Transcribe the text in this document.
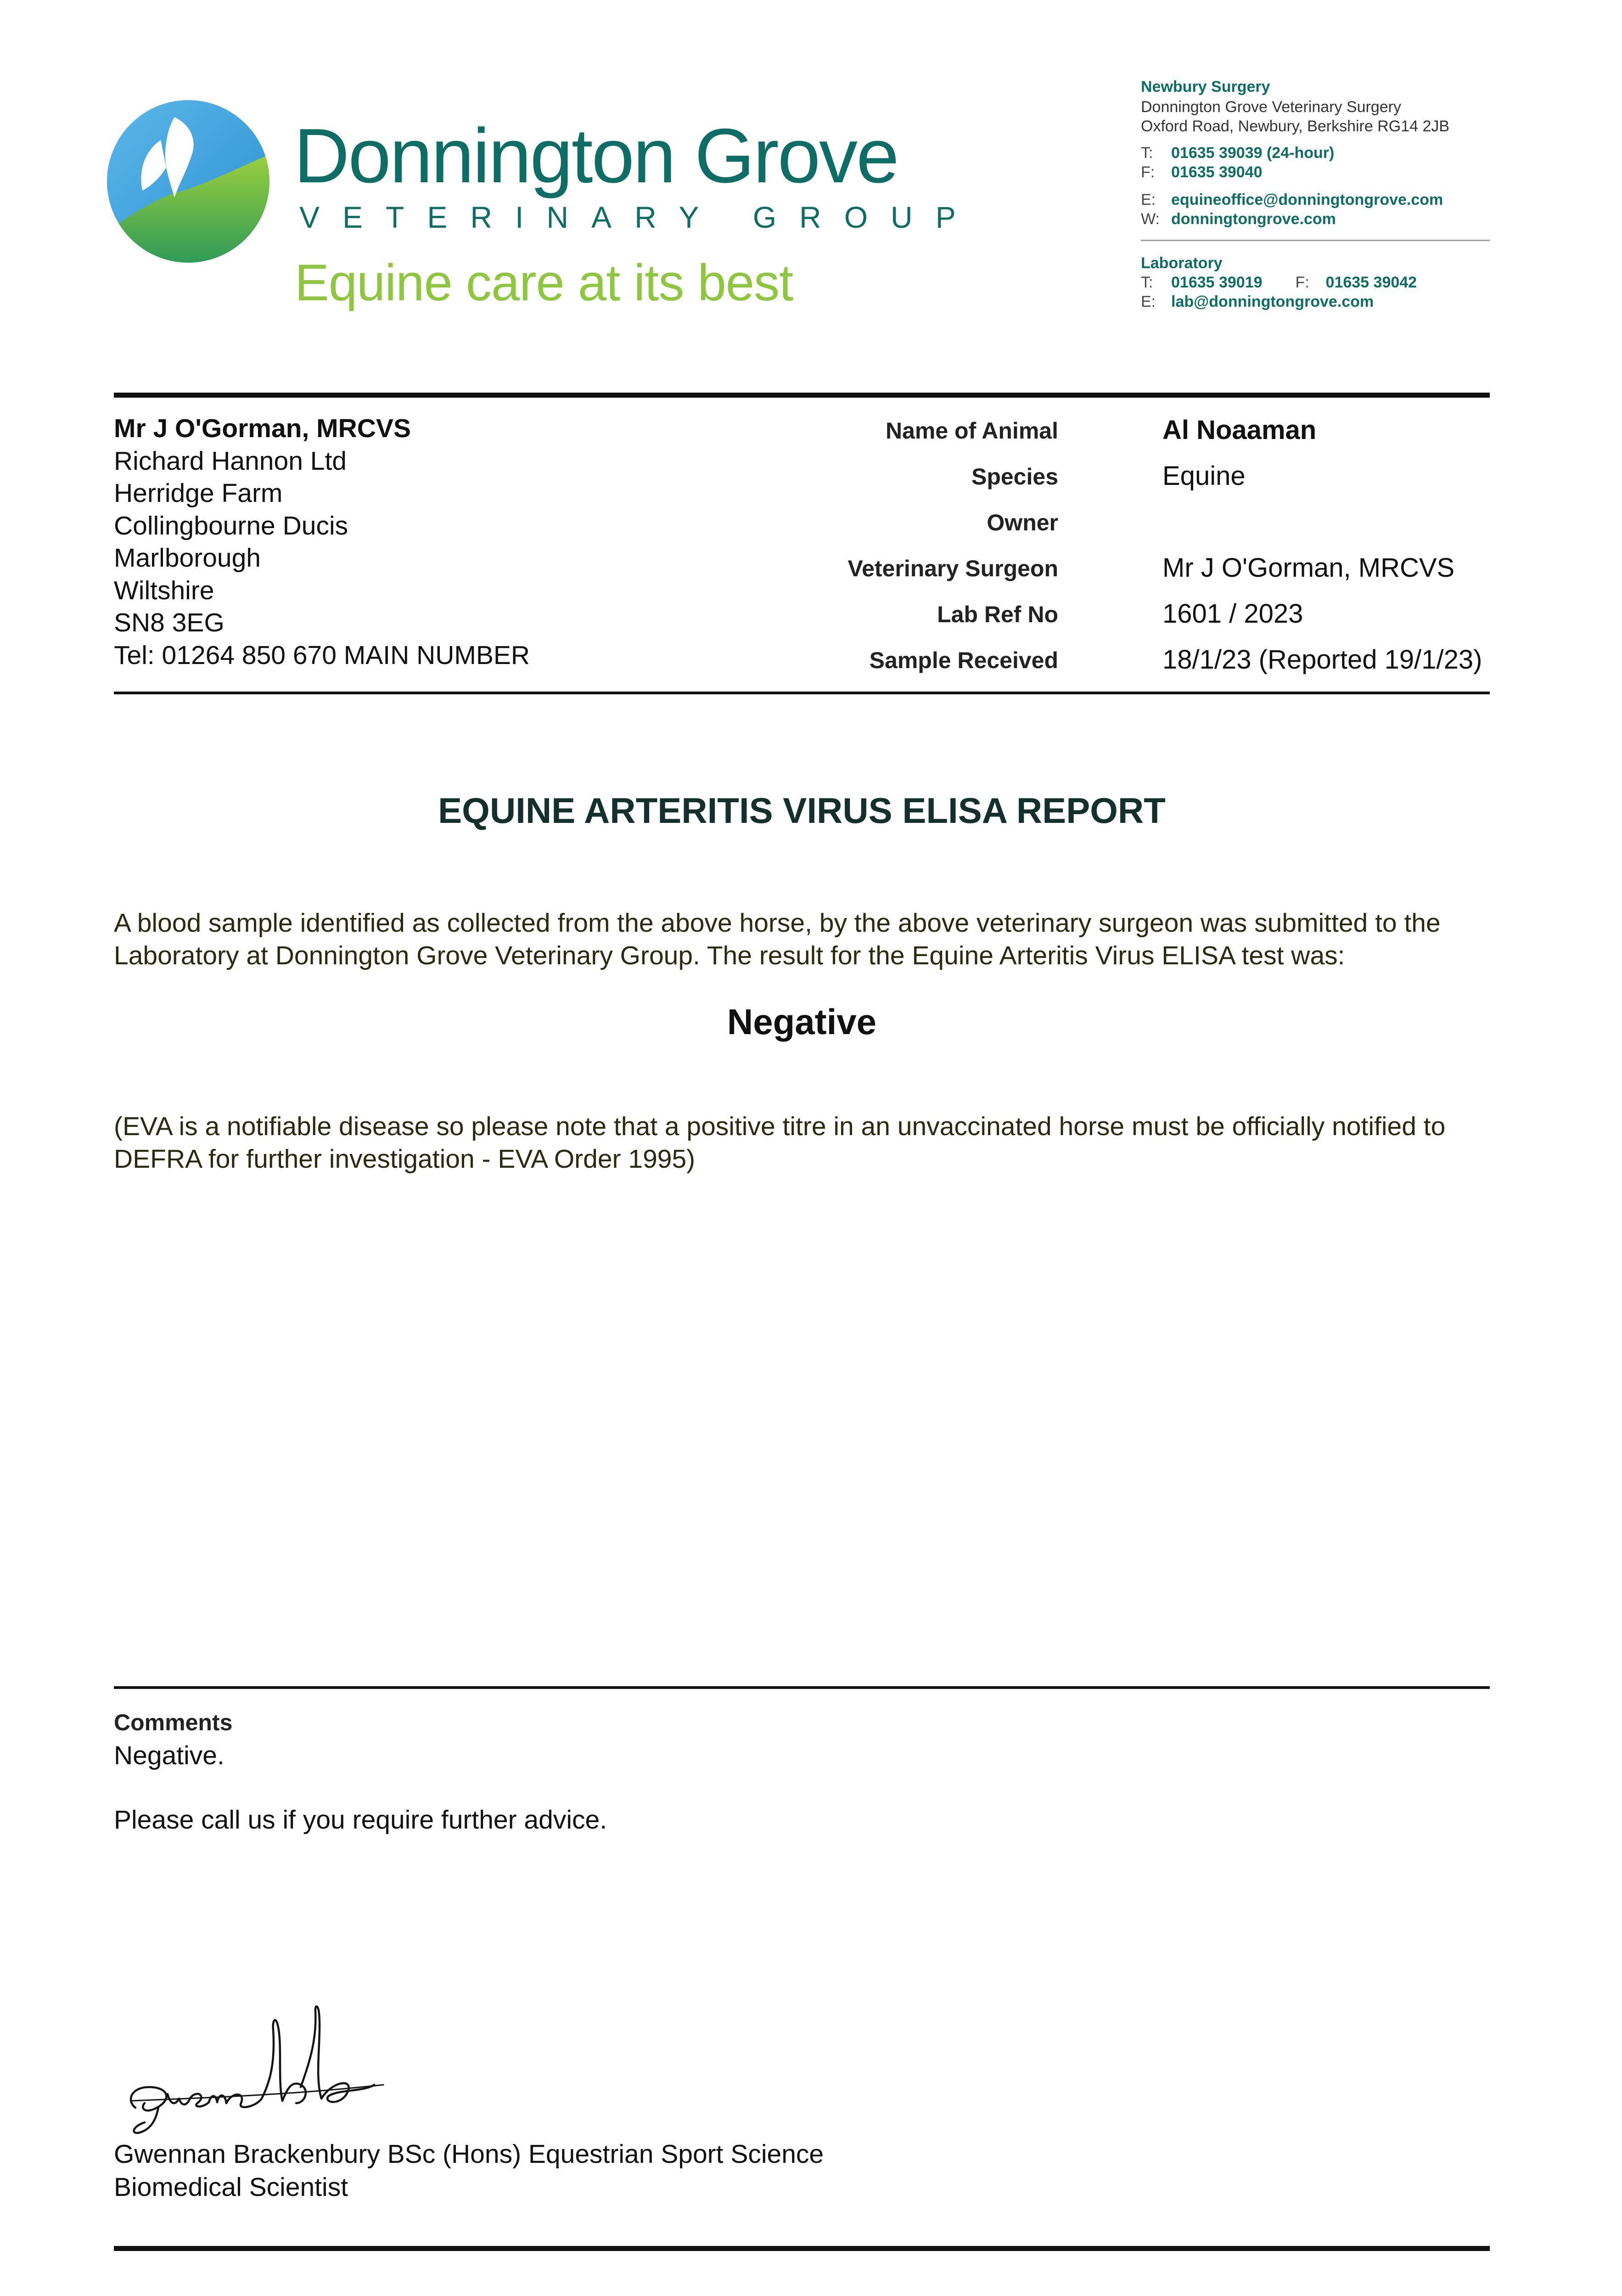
Donnington Grove
VETERINARY GROUP
Equine care at its best
Newbury Surgery
Donnington Grove Veterinary Surgery
Oxford Road, Newbury, Berkshire RG14 2JB
T: 01635 39039 (24-hour)
F: 01635 39040
E: equineoffice@donningtongrove.com
W: donningtongrove.com
Laboratory
T: 01635 39019 F: 01635 39042
E: lab@donningtongrove.com
Mr J O'Gorman, MRCVS
Richard Hannon Ltd
Herridge Farm
Collingbourne Ducis
Marlborough
Wiltshire
SN8 3EG
Tel: 01264 850 670 MAIN NUMBER
Name of Animal	Al Noaaman
Species	Equine
Owner
Veterinary Surgeon	Mr J O'Gorman, MRCVS
Lab Ref No	1601 / 2023
Sample Received	18/1/23 (Reported 19/1/23)
EQUINE ARTERITIS VIRUS ELISA REPORT
A blood sample identified as collected from the above horse, by the above veterinary surgeon was submitted to the Laboratory at Donnington Grove Veterinary Group. The result for the Equine Arteritis Virus ELISA test was:
Negative
(EVA is a notifiable disease so please note that a positive titre in an unvaccinated horse must be officially notified to DEFRA for further investigation - EVA Order 1995)
Comments
Negative.
Please call us if you require further advice.
Gwennan Brackenbury BSc (Hons) Equestrian Sport Science
Biomedical Scientist
